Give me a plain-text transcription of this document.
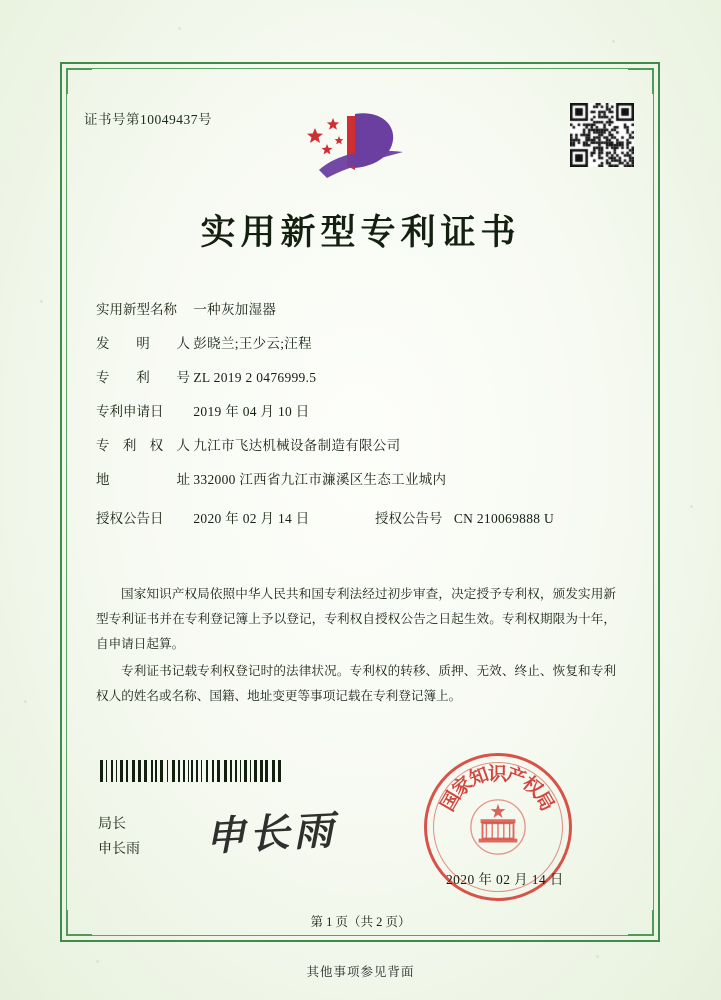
证书号第10049437号
实用新型专利证书
实用新型名称 一种灰加湿器
发 明 人 彭晓兰;王少云;汪程
专 利 号 ZL 2019 2 0476999.5
专利申请日 2019 年 04 月 10 日
专 利 权 人 九江市飞达机械设备制造有限公司
地 址 332000 江西省九江市濂溪区生态工业城内
授权公告日 2020 年 02 月 14 日	授权公告号 CN 210069888 U

国家知识产权局依照中华人民共和国专利法经过初步审查，决定授予专利权，颁发实用新型专利证书并在专利登记簿上予以登记，专利权自授权公告之日起生效。专利权期限为十年，自申请日起算。

专利证书记载专利权登记时的法律状况。专利权的转移、质押、无效、终止、恢复和专利权人的姓名或名称、国籍、地址变更等事项记载在专利登记簿上。

局长
申长雨 申长雨
国
家
知
识
产
权
局
2020 年 02 月 14 日
第 1 页（共 2 页）
其他事项参见背面
